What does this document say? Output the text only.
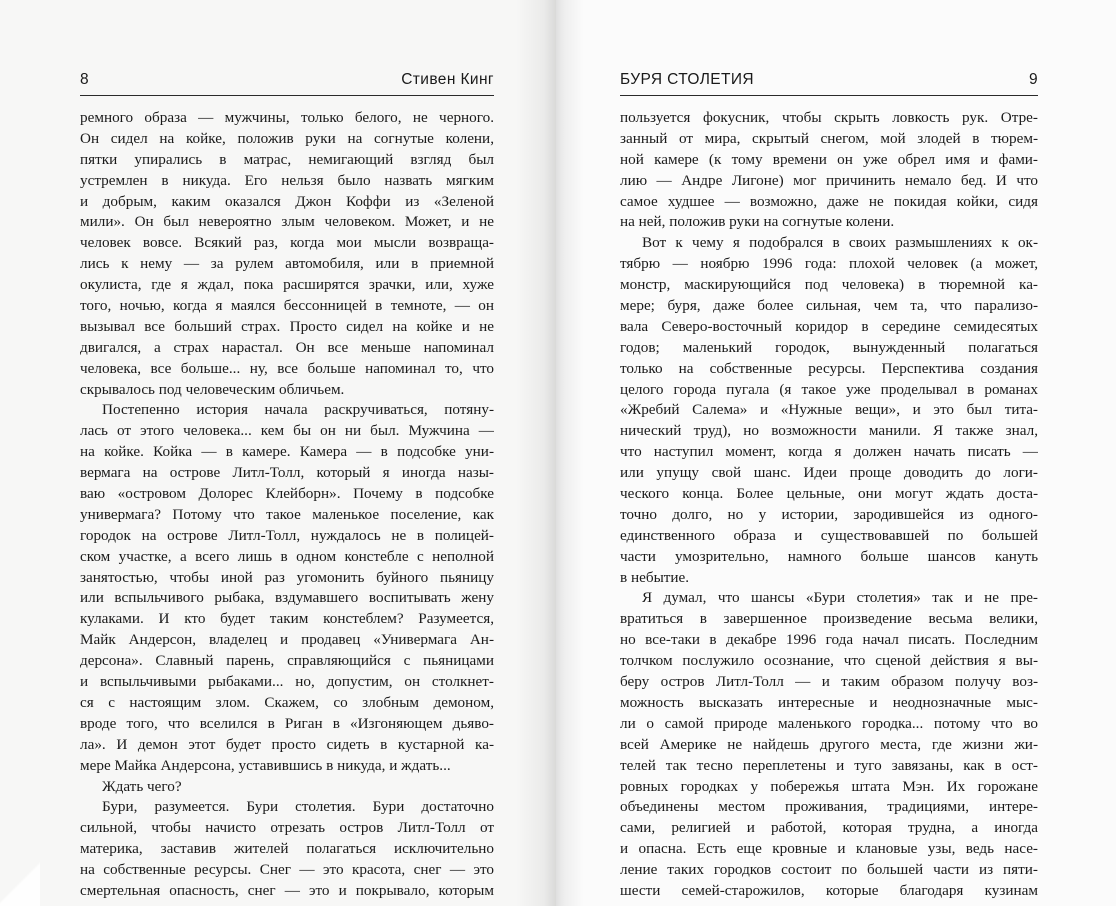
8	Стивен Кинг
ремного образа — мужчины, только белого, не черного.
Он сидел на койке, положив руки на согнутые колени,
пятки упирались в матрас, немигающий взгляд был
устремлен в никуда. Его нельзя было назвать мягким
и добрым, каким оказался Джон Коффи из «Зеленой
мили». Он был невероятно злым человеком. Может, и не
человек вовсе. Всякий раз, когда мои мысли возвраща-
лись к нему — за рулем автомобиля, или в приемной
окулиста, где я ждал, пока расширятся зрачки, или, хуже
того, ночью, когда я маялся бессонницей в темноте, — он
вызывал все больший страх. Просто сидел на койке и не
двигался, а страх нарастал. Он все меньше напоминал
человека, все больше... ну, все больше напоминал то, что
скрывалось под человеческим обличьем.
Постепенно история начала раскручиваться, потяну-
лась от этого человека... кем бы он ни был. Мужчина —
на койке. Койка — в камере. Камера — в подсобке уни-
вермага на острове Литл-Толл, который я иногда назы-
ваю «островом Долорес Клейборн». Почему в подсобке
универмага? Потому что такое маленькое поселение, как
городок на острове Литл-Толл, нуждалось не в полицей-
ском участке, а всего лишь в одном констебле с неполной
занятостью, чтобы иной раз угомонить буйного пьяницу
или вспыльчивого рыбака, вздумавшего воспитывать жену
кулаками. И кто будет таким констеблем? Разумеется,
Майк Андерсон, владелец и продавец «Универмага Ан-
дерсона». Славный парень, справляющийся с пьяницами
и вспыльчивыми рыбаками... но, допустим, он столкнет-
ся с настоящим злом. Скажем, со злобным демоном,
вроде того, что вселился в Риган в «Изгоняющем дьяво-
ла». И демон этот будет просто сидеть в кустарной ка-
мере Майка Андерсона, уставившись в никуда, и ждать...
Ждать чего?
Бури, разумеется. Бури столетия. Бури достаточно
сильной, чтобы начисто отрезать остров Литл-Толл от
материка, заставив жителей полагаться исключительно
на собственные ресурсы. Снег — это красота, снег — это
смертельная опасность, снег — это и покрывало, которым
БУРЯ СТОЛЕТИЯ	9
пользуется фокусник, чтобы скрыть ловкость рук. Отре-
занный от мира, скрытый снегом, мой злодей в тюрем-
ной камере (к тому времени он уже обрел имя и фами-
лию — Андре Лигоне) мог причинить немало бед. И что
самое худшее — возможно, даже не покидая койки, сидя
на ней, положив руки на согнутые колени.
Вот к чему я подобрался в своих размышлениях к ок-
тябрю — ноябрю 1996 года: плохой человек (а может,
монстр, маскирующийся под человека) в тюремной ка-
мере; буря, даже более сильная, чем та, что парализо-
вала Северо-восточный коридор в середине семидесятых
годов; маленький городок, вынужденный полагаться
только на собственные ресурсы. Перспектива создания
целого города пугала (я такое уже проделывал в романах
«Жребий Салема» и «Нужные вещи», и это был титa-
нический труд), но возможности манили. Я также знал,
что наступил момент, когда я должен начать писать —
или упущу свой шанс. Идеи проще доводить до логи-
ческого конца. Более цельные, они могут ждать доста-
точно долго, но у истории, зародившейся из одного-
единственного образа и существовавшей по большей
части умозрительно, намного больше шансов кануть
в небытие.
Я думал, что шансы «Бури столетия» так и не пре-
вратиться в завершенное произведение весьма велики,
но все-таки в декабре 1996 года начал писать. Последним
толчком послужило осознание, что сценой действия я вы-
беру остров Литл-Толл — и таким образом получу воз-
можность высказать интересные и неоднозначные мыс-
ли о самой природе маленького городка... потому что во
всей Америке не найдешь другого места, где жизни жи-
телей так тесно переплетены и туго завязаны, как в ост-
ровных городках у побережья штата Мэн. Их горожане
объединены местом проживания, традициями, интере-
сами, религией и работой, которая трудна, а иногда
и опасна. Есть еще кровные и клановые узы, ведь насе-
ление таких городков состоит по большей части из пяти-
шести семей-старожилов, которые благодаря кузинам
